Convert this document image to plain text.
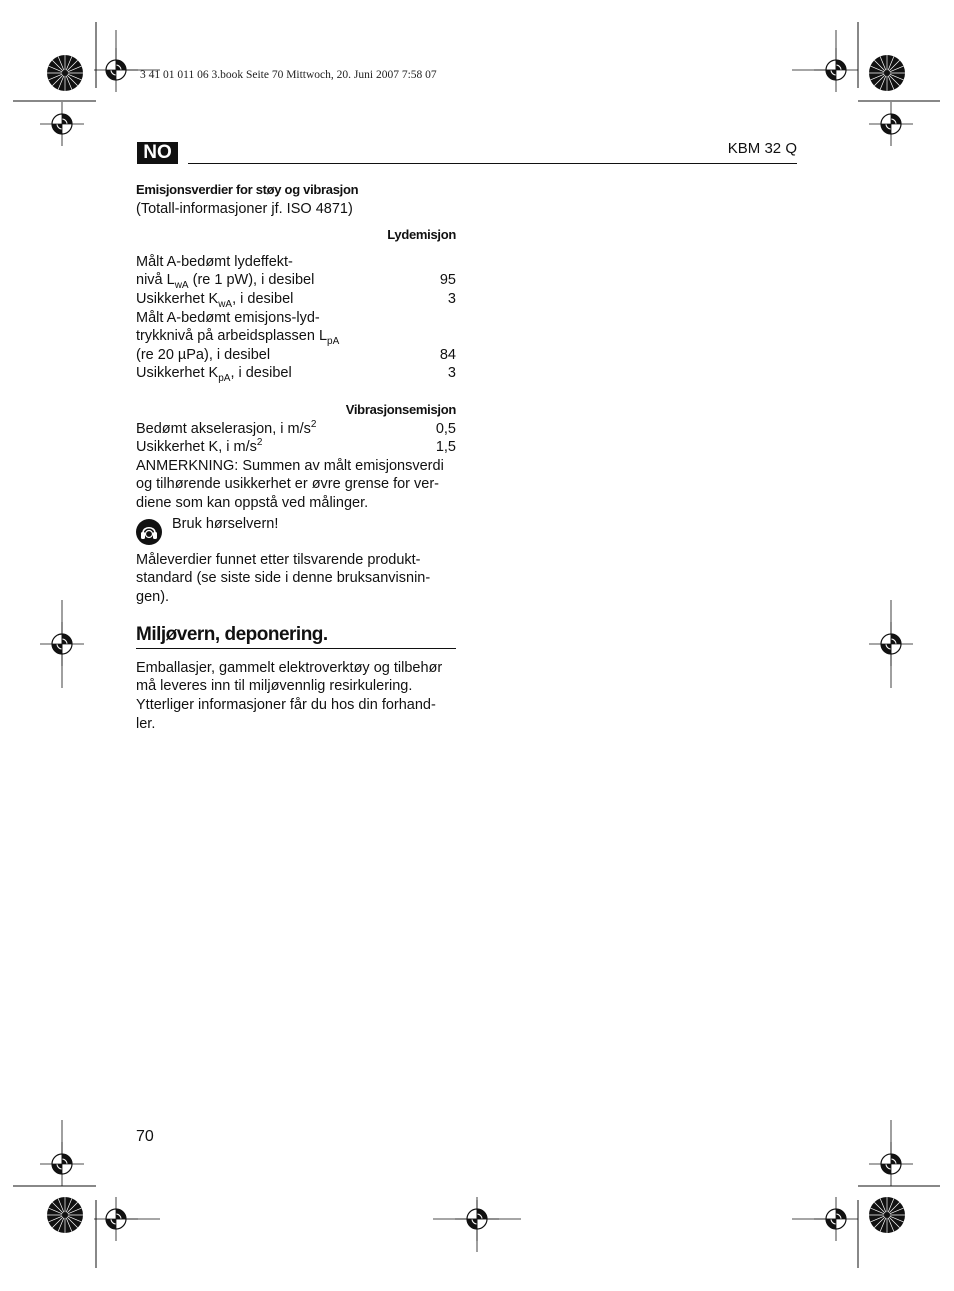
3 41 01 011 06 3.book Seite 70 Mittwoch, 20. Juni 2007 7:58 07
NO	KBM 32 Q
Emisjonsverdier for støy og vibrasjon
(Totall-informasjoner jf. ISO 4871)
Lydemisjon
Målt A-bedømt lydeffekt-
nivå $L_{wA}$ (re 1 pW), i desibel	95
Usikkerhet $K_{wA}$, i desibel	3
Målt A-bedømt emisjons-lyd-
trykknivå på arbeidsplassen $L_{pA}$
(re 20 µPa), i desibel	84
Usikkerhet $K_{pA}$, i desibel	3
Vibrasjonsemisjon
Bedømt akselerasjon, i $m/s^2$	0,5
Usikkerhet K, i $m/s^2$	1,5
ANMERKNING: Summen av målt emisjonsverdi
og tilhørende usikkerhet er øvre grense for ver-
diene som kan oppstå ved målinger.
Bruk hørselvern!
Måleverdier funnet etter tilsvarende produkt-
standard (se siste side i denne bruksanvisnin-
gen).
Miljøvern, deponering.
Emballasjer, gammelt elektroverktøy og tilbehør
må leveres inn til miljøvennlig resirkulering.
Ytterliger informasjoner får du hos din forhand-
ler.
70
